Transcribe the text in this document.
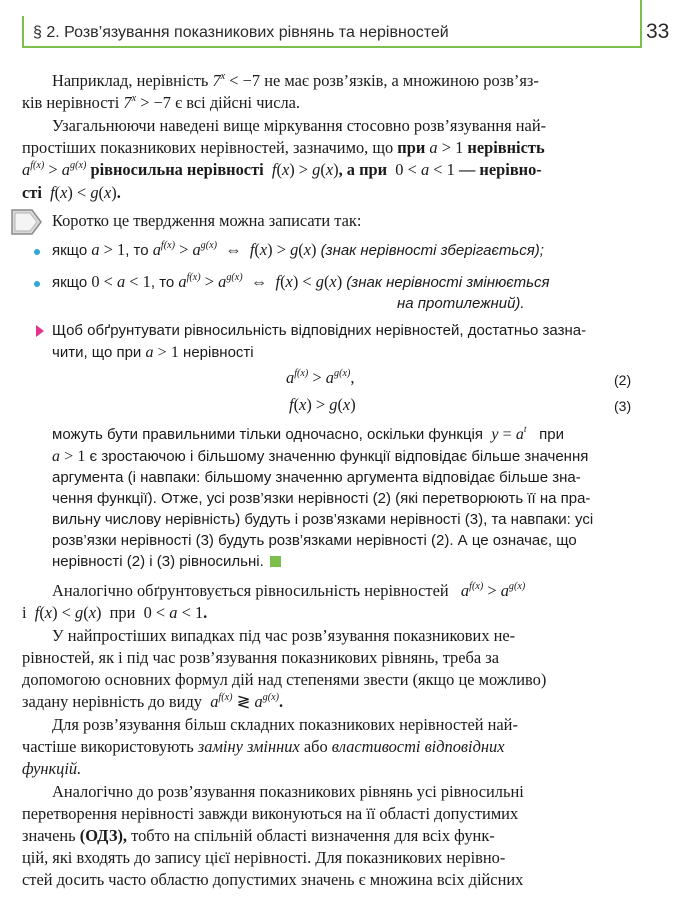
§ 2. Розв’язування показникових рівнянь та нерівностей	33
Наприклад, нерівність $7^x < -7$ не має розв’язків, а множиною розв’яз-
ків нерівності $7^x > -7$ є всі дійсні числа.
Узагальнюючи наведені вище міркування стосовно розв’язування най-
простіших показникових нерівностей, зазначимо, що при a > 1 нерівність
$a^{f(x)} > a^{g(x)}$ рівносильна нерівності f(x) > g(x), а при 0 < a < 1 — нерівно-
сті f(x) < g(x).
Коротко це твердження можна записати так:
якщо a > 1, то $a^{f(x)} > a^{g(x)}$ ⇔ f(x) > g(x) (знак нерівності зберігається);
якщо 0 < a < 1, то $a^{f(x)} > a^{g(x)}$ ⇔ f(x) < g(x) (знак нерівності змінюється
на протилежний).
Щоб обґрунтувати рівносильність відповідних нерівностей, достатньо зазна-
чити, що при a > 1 нерівності
$a^{f(x)} > a^{g(x)}$,	(2)
f(x) > g(x)	(3)
можуть бути правильними тільки одночасно, оскільки функція $y = a^t$ при
a > 1 є зростаючою і більшому значенню функції відповідає більше значення
аргумента (і навпаки: більшому значенню аргумента відповідає більше зна-
чення функції). Отже, усі розв’язки нерівності (2) (які перетворюють її на пра-
вильну числову нерівність) будуть і розв’язками нерівності (3), та навпаки: усі
розв’язки нерівності (3) будуть розв’язками нерівності (2). А це означає, що
нерівності (2) і (3) рівносильні.
Аналогічно обґрунтовується рівносильність нерівностей $a^{f(x)} > a^{g(x)}$
і f(x) < g(x) при 0 < a < 1.
У найпростіших випадках під час розв’язування показникових не-
рівностей, як і під час розв’язування показникових рівнянь, треба за
допомогою основних формул дій над степенями звести (якщо це можливо)
задану нерівність до виду $a^{f(x)}$ ≷ $a^{g(x)}$.
Для розв’язування більш складних показникових нерівностей най-
частіше використовують заміну змінних або властивості відповідних
функцій.
Аналогічно до розв’язування показникових рівнянь усі рівносильні
перетворення нерівності завжди виконуються на її області допустимих
значень (ОДЗ), тобто на спільній області визначення для всіх функ-
цій, які входять до запису цієї нерівності. Для показникових нерівно-
стей досить часто областю допустимих значень є множина всіх дійсних
